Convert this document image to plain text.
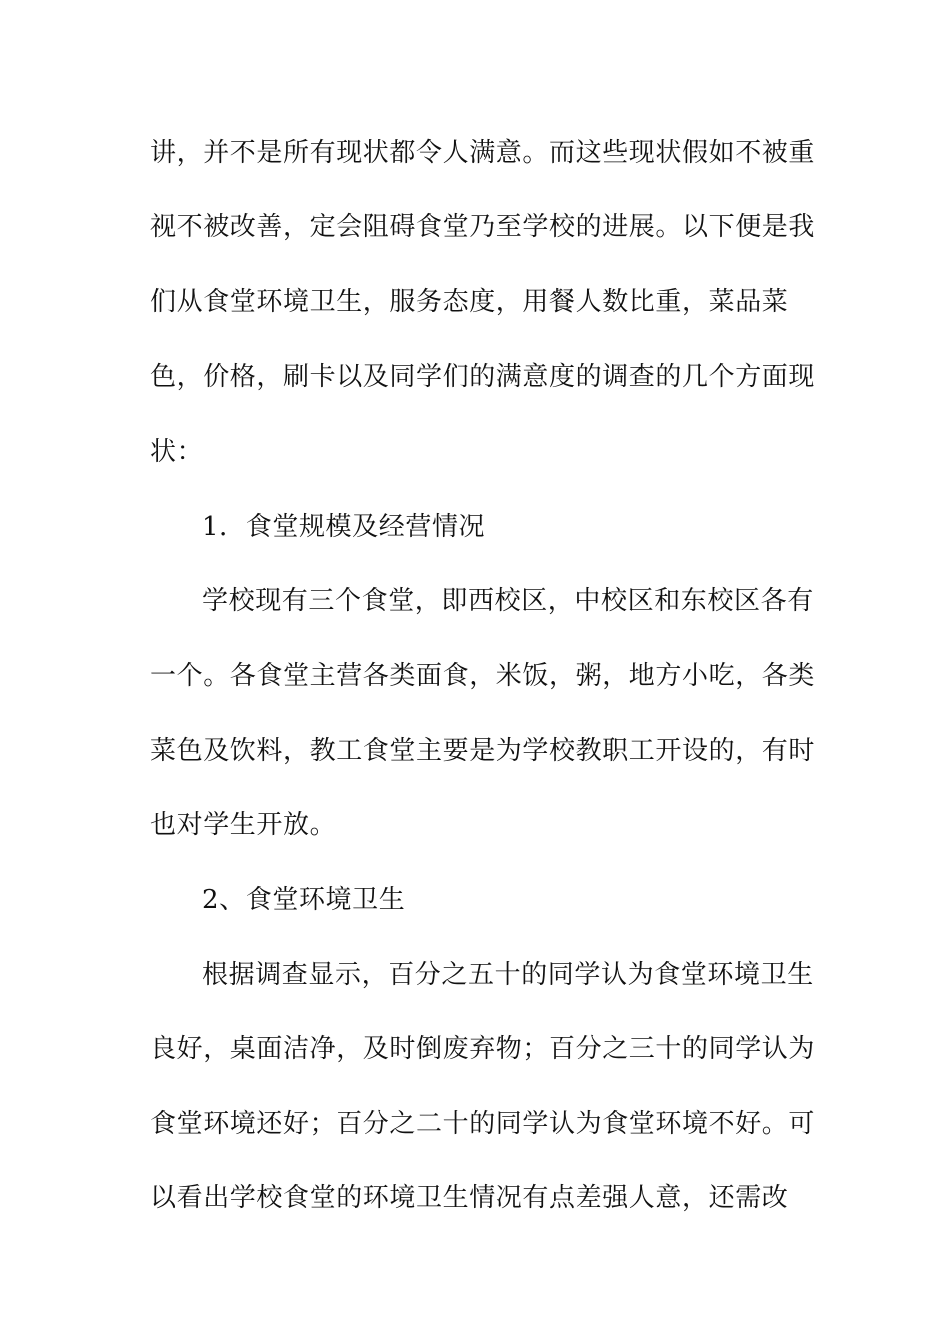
讲，并不是所有现状都令人满意。而这些现状假如不被重
视不被改善，定会阻碍食堂乃至学校的进展。以下便是我
们从食堂环境卫生，服务态度，用餐人数比重，菜品菜
色，价格，刷卡以及同学们的满意度的调查的几个方面现
状：
1．食堂规模及经营情况
学校现有三个食堂，即西校区，中校区和东校区各有
一个。各食堂主营各类面食，米饭，粥，地方小吃，各类
菜色及饮料，教工食堂主要是为学校教职工开设的，有时
也对学生开放。
2、食堂环境卫生
根据调查显示，百分之五十的同学认为食堂环境卫生
良好，桌面洁净，及时倒废弃物；百分之三十的同学认为
食堂环境还好；百分之二十的同学认为食堂环境不好。可
以看出学校食堂的环境卫生情况有点差强人意，还需改
